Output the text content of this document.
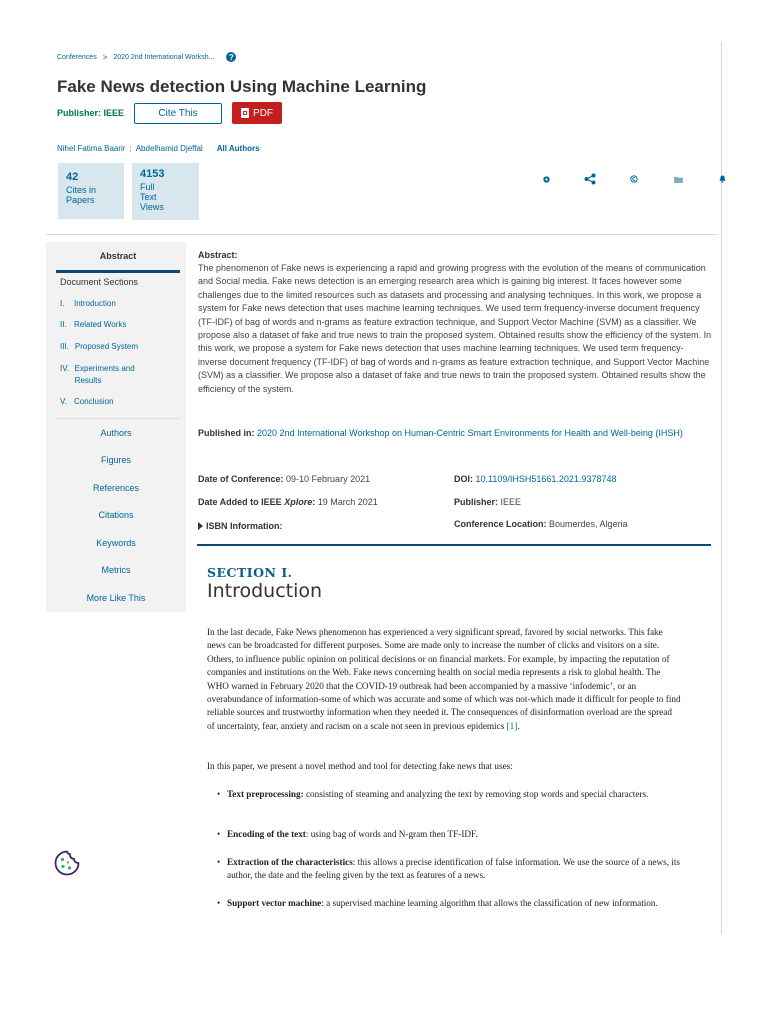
Conferences > 2020 2nd International Worksh...	?
Fake News detection Using Machine Learning
Publisher: IEEE	Cite This	PDF
Nihel Fatima Baarir ; Abdelhamid Djeffal All Authors
42
Cites in
Papers
4153
Full
Text
Views
Abstract
Document Sections
I.	Introduction
II. Related Works
III. Proposed System
IV. Experiments and Results
V. Conclusion
Authors
Figures
References
Citations
Keywords
Metrics
More Like This
Abstract:
The phenomenon of Fake news is experiencing a rapid and growing progress with the evolution of the means of communication and Social media. Fake news detection is an emerging research area which is gaining big interest. It faces however some challenges due to the limited resources such as datasets and processing and analysing techniques. In this work, we propose a system for Fake news detection that uses machine learning techniques. We used term frequency-inverse document frequency (TF-IDF) of bag of words and n-grams as feature extraction technique, and Support Vector Machine (SVM) as a classifier. We propose also a dataset of fake and true news to train the proposed system. Obtained results show the efficiency of the system. In this work, we propose a system for Fake news detection that uses machine learning techniques. We used term frequency-inverse document frequency (TF-IDF) of bag of words and n-grams as feature extraction technique, and Support Vector Machine (SVM) as a classifier. We propose also a dataset of fake and true news to train the proposed system. Obtained results show the efficiency of the system.
Published in: 2020 2nd International Workshop on Human-Centric Smart Environments for Health and Well-being (IHSH)
Date of Conference: 09-10 February 2021
Date Added to IEEE Xplore: 19 March 2021
ISBN Information:
DOI: 10.1109/IHSH51661.2021.9378748
Publisher: IEEE
Conference Location: Boumerdes, Algeria
SECTION I.
Introduction
In the last decade, Fake News phenomenon has experienced a very significant spread, favored by social networks. This fake news can be broadcasted for different purposes. Some are made only to increase the number of clicks and visitors on a site. Others, to influence public opinion on political decisions or on financial markets. For example, by impacting the reputation of companies and institutions on the Web. Fake news concerning health on social media represents a risk to global health. The WHO warned in February 2020 that the COVID-19 outbreak had been accompanied by a massive ‘infodemic’, or an overabundance of information-some of which was accurate and some of which was not-which made it difficult for people to find reliable sources and trustworthy information when they needed it. The consequences of disinformation overload are the spread of uncertainty, fear, anxiety and racism on a scale not seen in previous epidemics [1].
In this paper, we present a novel method and tool for detecting fake news that uses:
• Text preprocessing: consisting of steaming and analyzing the text by removing stop words and special characters.
• Encoding of the text: using bag of words and N-gram then TF-IDF.
• Extraction of the characteristics: this allows a precise identification of false information. We use the source of a news, its author, the date and the feeling given by the text as features of a news.
• Support vector machine: a supervised machine learning algorithm that allows the classification of new information.
